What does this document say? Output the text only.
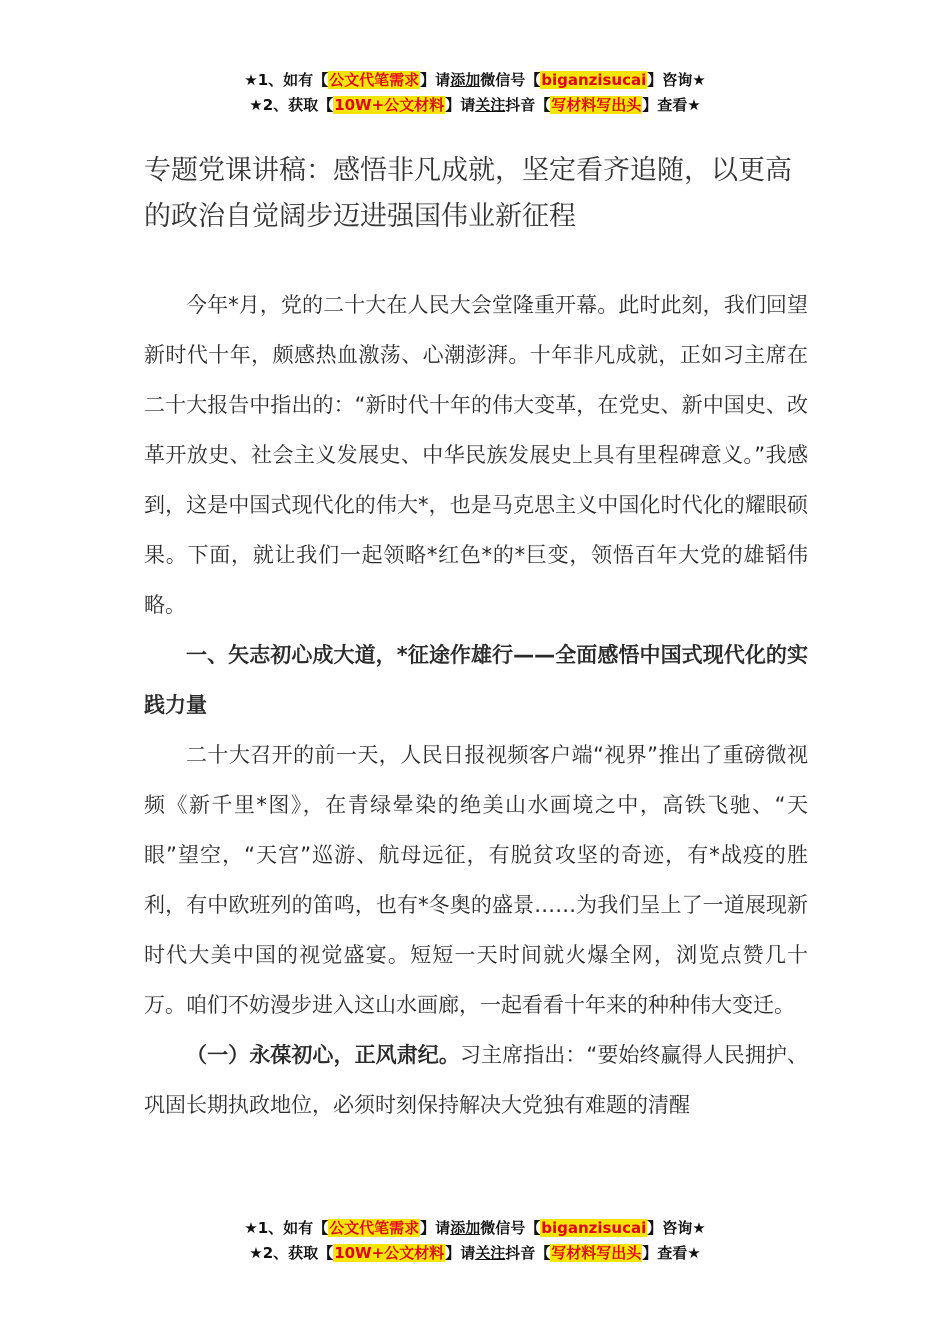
★1、如有【公文代笔需求】请添加微信号【biganzisucai】咨询★
★2、获取【10W+公文材料】请关注抖音【写材料写出头】查看★
专题党课讲稿：感悟非凡成就，坚定看齐追随，以更高的政治自觉阔步迈进强国伟业新征程

今年*月，党的二十大在人民大会堂隆重开幕。此时此刻，我们回望新时代十年，颇感热血激荡、心潮澎湃。十年非凡成就，正如习主席在二十大报告中指出的：“新时代十年的伟大变革，在党史、新中国史、改革开放史、社会主义发展史、中华民族发展史上具有里程碑意义。”我感到，这是中国式现代化的伟大*，也是马克思主义中国化时代化的耀眼硕果。下面，就让我们一起领略*红色*的*巨变，领悟百年大党的雄韬伟略。

一、矢志初心成大道，*征途作雄行——全面感悟中国式现代化的实践力量

二十大召开的前一天，人民日报视频客户端“视界”推出了重磅微视频《新千里*图》，在青绿晕染的绝美山水画境之中，高铁飞驰、“天眼”望空，“天宫”巡游、航母远征，有脱贫攻坚的奇迹，有*战疫的胜利，有中欧班列的笛鸣，也有*冬奥的盛景……为我们呈上了一道展现新时代大美中国的视觉盛宴。短短一天时间就火爆全网，浏览点赞几十万。咱们不妨漫步进入这山水画廊，一起看看十年来的种种伟大变迁。

（一）永葆初心，正风肃纪。习主席指出：“要始终赢得人民拥护、巩固长期执政地位，必须时刻保持解决大党独有难题的清醒

★1、如有【公文代笔需求】请添加微信号【biganzisucai】咨询★
★2、获取【10W+公文材料】请关注抖音【写材料写出头】查看★
